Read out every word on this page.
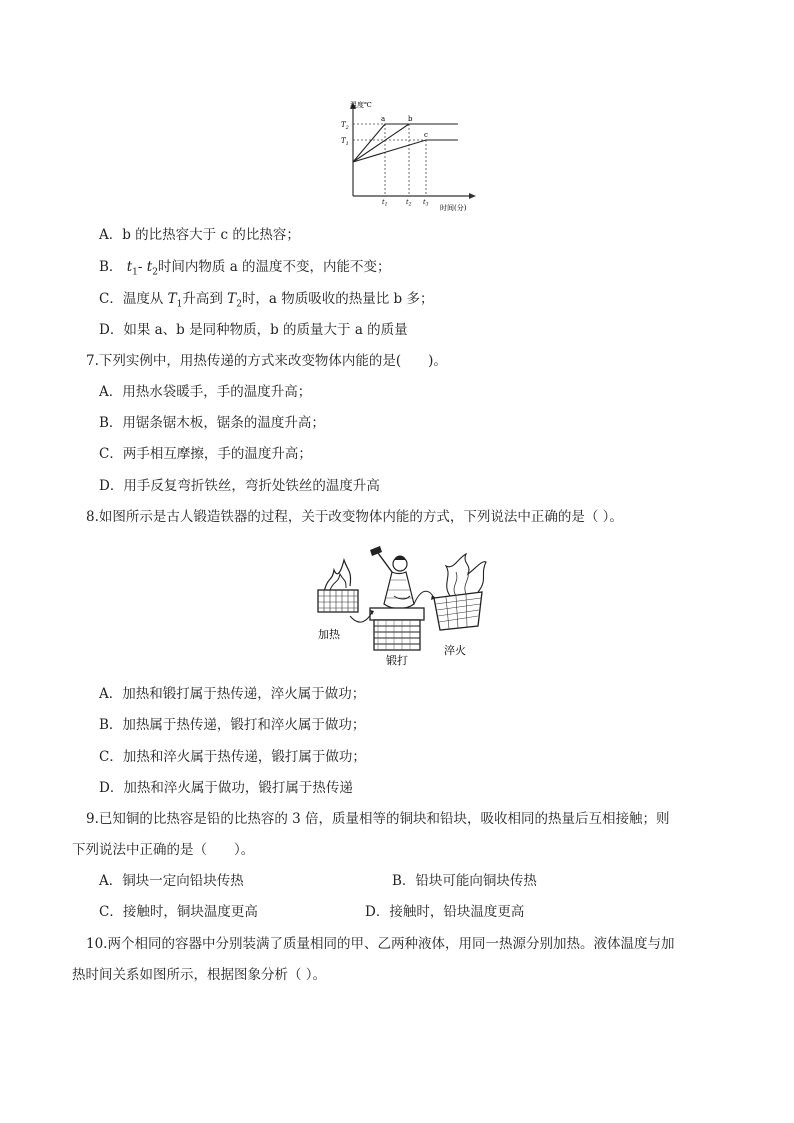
温度℃
时间(分)
$T_2$
$T_1$
a	b
c
$t_1$	$t_2$ $t_3$
A．b 的比热容大于 c 的比热容；
B． $t_1-$ $t_2$时间内物质 a 的温度不变，内能不变；
C．温度从 $T_1$升高到 $T_2$时，a 物质吸收的热量比 b 多；
D．如果 a、b 是同种物质，b 的质量大于 a 的质量
7.下列实例中，用热传递的方式来改变物体内能的是(　　)。
A．用热水袋暖手，手的温度升高；
B．用锯条锯木板，锯条的温度升高；
C．两手相互摩擦，手的温度升高；
D．用手反复弯折铁丝，弯折处铁丝的温度升高
8.如图所示是古人锻造铁器的过程，关于改变物体内能的方式，下列说法中正确的是（ ）。
加热
锻打
淬火
A．加热和锻打属于热传递，淬火属于做功；
B．加热属于热传递，锻打和淬火属于做功；
C．加热和淬火属于热传递，锻打属于做功；
D．加热和淬火属于做功，锻打属于热传递
9.已知铜的比热容是铅的比热容的 3 倍，质量相等的铜块和铅块，吸收相同的热量后互相接触；则
下列说法中正确的是（　　）。
A．铜块一定向铅块传热	B．铅块可能向铜块传热
C．接触时，铜块温度更高	D．接触时，铅块温度更高
10.两个相同的容器中分别装满了质量相同的甲、乙两种液体，用同一热源分别加热。液体温度与加
热时间关系如图所示，根据图象分析（ ）。
